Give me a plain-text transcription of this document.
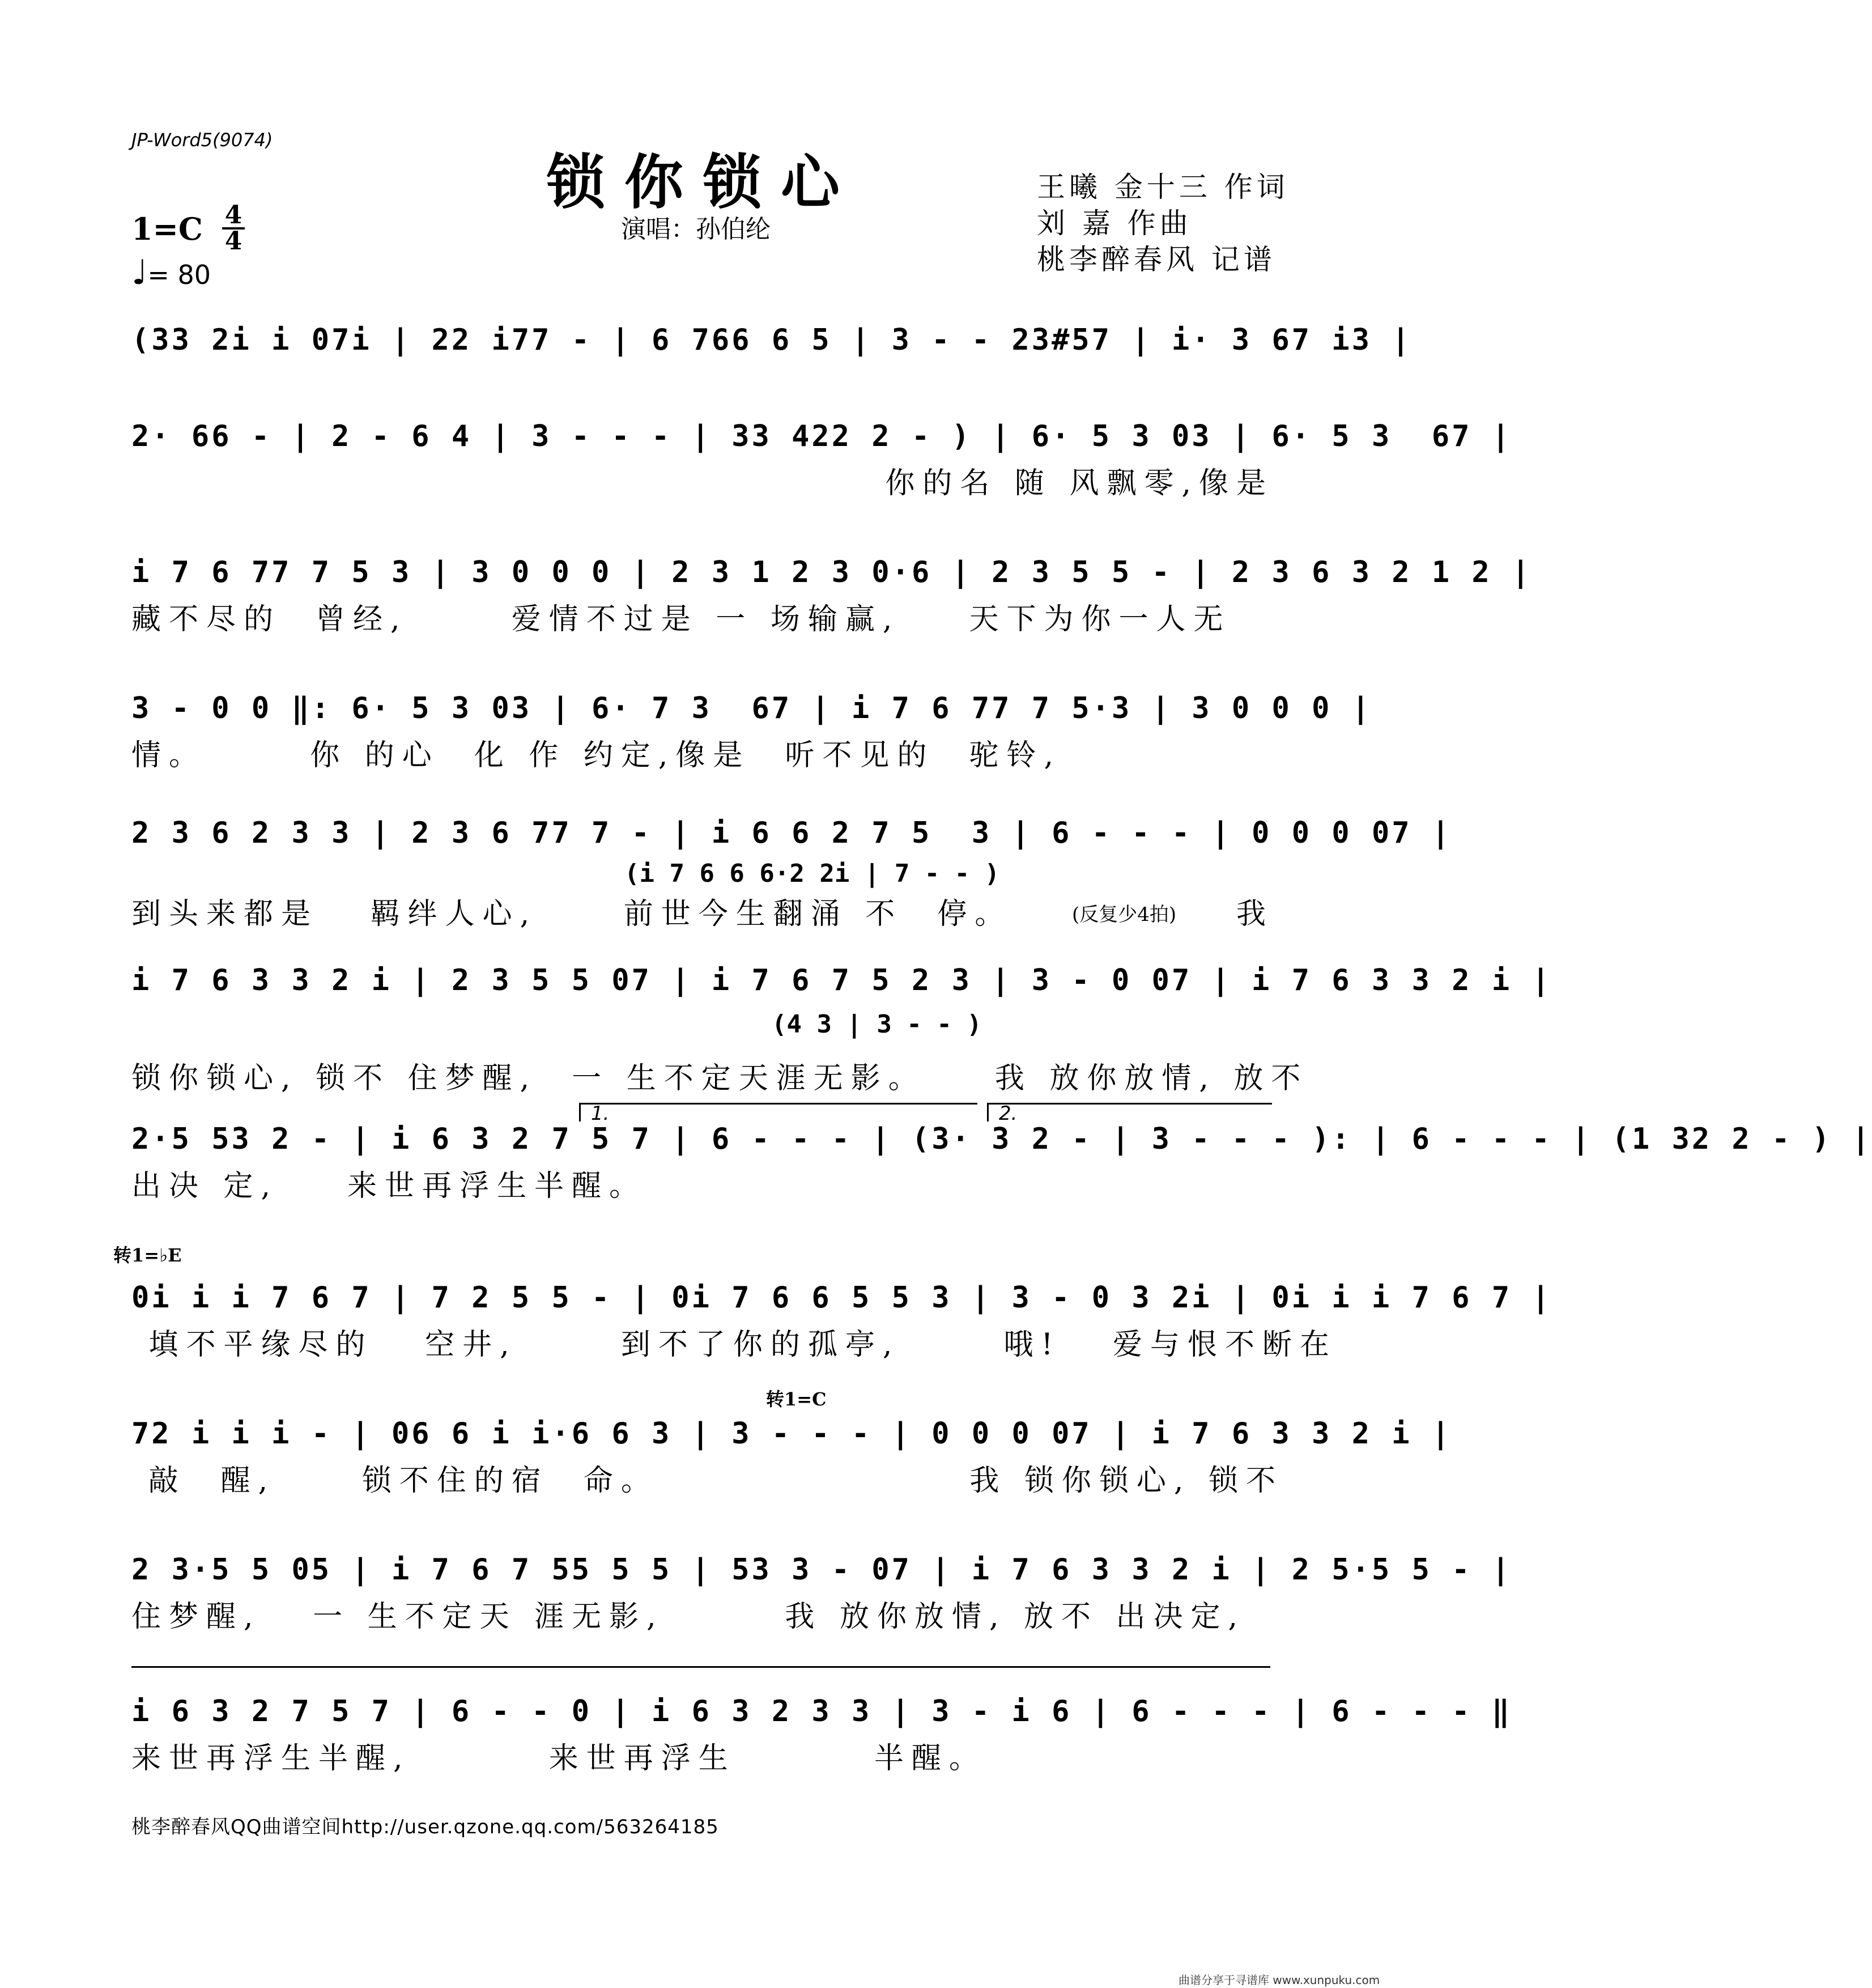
JP-Word5(9074)
锁你锁心
演唱：孙伯纶
王曦 金十三 作词
刘 嘉 作曲
桃李醉春风 记谱
1=C 4
4
♩= 80
(33 2i i 07i | 22 i77 - | 6 766 6 5 | 3 - - 23#57 | i· 3 67 i3 |
2· 66 - | 2 - 6 4 | 3 - - - | 33 422 2 - ) | 6· 5 3 03 | 6· 5 3  67 |
你的名 随 风飘零,像是
i 7 6 77 7 5 3 | 3 0 0 0 | 2 3 1 2 3 0·6 | 2 3 5 5 - | 2 3 6 3 2 1 2 |
藏不尽的  曾经,      爱情不过是 一 场输赢,    天下为你一人无
3 - 0 0 ‖: 6· 5 3 03 | 6· 7 3  67 | i 7 6 77 7 5·3 | 3 0 0 0 |
情。      你 的心  化 作 约定,像是  听不见的  驼铃,
2 3 6 2 3 3 | 2 3 6 77 7 - | i 6 6 2 7 5  3 | 6 - - - | 0 0 0 07 |
(i 7 6 6 6·2 2i | 7 - - )
到头来都是   羁绊人心,     前世今生翻涌 不  停。	(反复少4拍)	我
i 7 6 3 3 2 i | 2 3 5 5 07 | i 7 6 7 5 2 3 | 3 - 0 07 | i 7 6 3 3 2 i |
(4 3 | 3 - - )
锁你锁心, 锁不 住梦醒,  一 生不定天涯无影。    我 放你放情, 放不
1.	2.
2·5 53 2 - | i 6 3 2 7 5 7 | 6 - - - | (3· 3 2 - | 3 - - - ): | 6 - - - | (1 32 2 - ) |
出决 定,    来世再浮生半醒。
转1=♭E
0i i i 7 6 7 | 7 2 5 5 - | 0i 7 6 6 5 5 3 | 3 - 0 3 2i | 0i i i 7 6 7 |
填不平缘尽的   空井,      到不了你的孤亭,      哦!   爱与恨不断在
转1=C
72 i i i - | 06 6 i i·6 6 3 | 3 - - - | 0 0 0 07 | i 7 6 3 3 2 i |
敲  醒,     锁不住的宿  命。                  我 锁你锁心, 锁不
2 3·5 5 05 | i 7 6 7 55 5 5 | 53 3 - 07 | i 7 6 3 3 2 i | 2 5·5 5 - |
住梦醒,   一 生不定天 涯无影,       我 放你放情, 放不 出决定,
i 6 3 2 7 5 7 | 6 - - 0 | i 6 3 2 3 3 | 3 - i 6 | 6 - - - | 6 - - - ‖
来世再浮生半醒,        来世再浮生        半醒。
桃李醉春风QQ曲谱空间http://user.qzone.qq.com/563264185
曲谱分享于寻谱库 www.xunpuku.com
